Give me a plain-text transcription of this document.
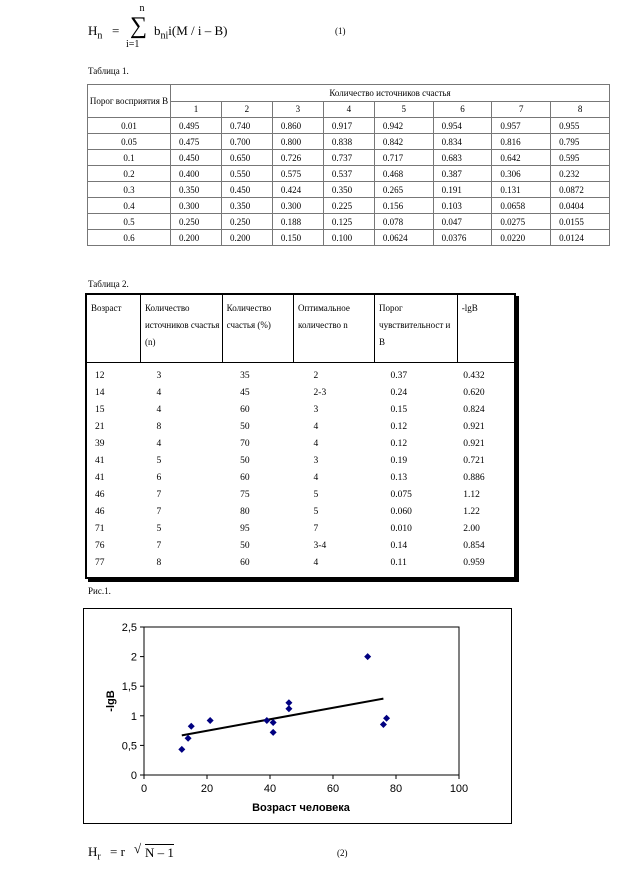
$H_n$ =
n
∑
i=1
$b_{ni}i(M$ / i – B)	(1)
Таблица 1.
Порог восприятия B	Количество источников счастья							
	1	2	3	4	5	6	7	8
0.01	0.495	0.740	0.860	0.917	0.942	0.954	0.957	0.955
0.05	0.475	0.700	0.800	0.838	0.842	0.834	0.816	0.795
0.1	0.450	0.650	0.726	0.737	0.717	0.683	0.642	0.595
0.2	0.400	0.550	0.575	0.537	0.468	0.387	0.306	0.232
0.3	0.350	0.450	0.424	0.350	0.265	0.191	0.131	0.0872
0.4	0.300	0.350	0.300	0.225	0.156	0.103	0.0658	0.0404
0.5	0.250	0.250	0.188	0.125	0.078	0.047	0.0275	0.0155
0.6	0.200	0.200	0.150	0.100	0.0624	0.0376	0.0220	0.0124
Таблица 2.
Возраст	Количество источников счастья (n)	Количество счастья (%)	Оптимальное количество n	Порог чувствительност и B	-lgB
12	3	35	2	0.37	0.432
14	4	45	2-3	0.24	0.620
15	4	60	3	0.15	0.824
21	8	50	4	0.12	0.921
39	4	70	4	0.12	0.921
41	5	50	3	0.19	0.721
41	6	60	4	0.13	0.886
46	7	75	5	0.075	1.12
46	7	80	5	0.060	1.22
71	5	95	7	0.010	2.00
76	7	50	3-4	0.14	0.854
77	8	60	4	0.11	0.959
Рис.1.
0
0,5
1
1,5
2
2,5
0	20	40	60	80	100
Возраст человека
-lgB
$H_r = r$ √ N – 1	(2)
